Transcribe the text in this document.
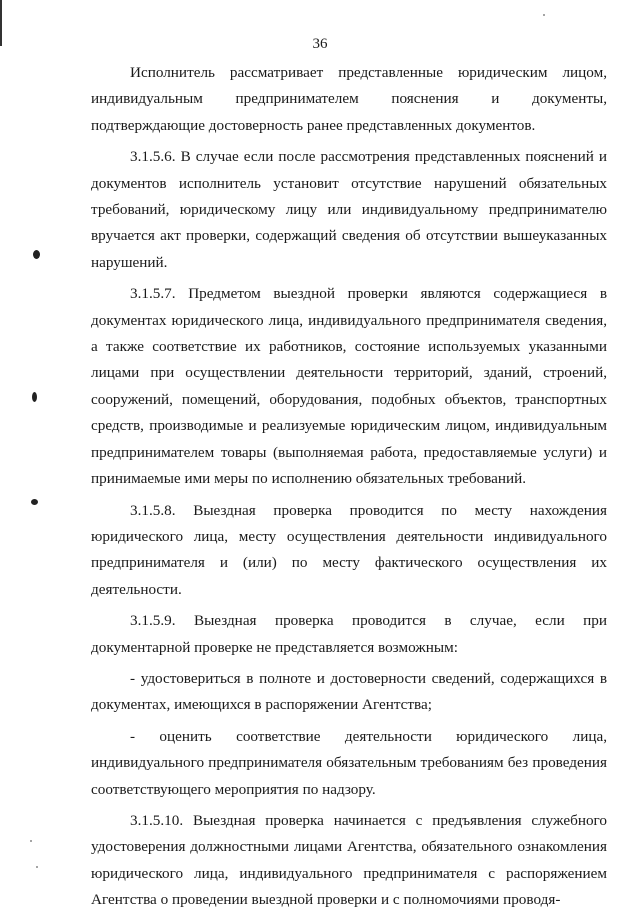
36

Исполнитель рассматривает представленные юридическим лицом, индивидуальным предпринимателем пояснения и документы, подтверждающие достоверность ранее представленных документов.

3.1.5.6. В случае если после рассмотрения представленных пояснений и документов исполнитель установит отсутствие нарушений обязательных требований, юридическому лицу или индивидуальному предпринимателю вручается акт проверки, содержащий сведения об отсутствии вышеуказанных нарушений.

3.1.5.7. Предметом выездной проверки являются содержащиеся в документах юридического лица, индивидуального предпринимателя сведения, а также соответствие их работников, состояние используемых указанными лицами при осуществлении деятельности территорий, зданий, строений, сооружений, помещений, оборудования, подобных объектов, транспортных средств, производимые и реализуемые юридическим лицом, индивидуальным предпринимателем товары (выполняемая работа, предоставляемые услуги) и принимаемые ими меры по исполнению обязательных требований.

3.1.5.8. Выездная проверка проводится по месту нахождения юридического лица, месту осуществления деятельности индивидуального предпринимателя и (или) по месту фактического осуществления их деятельности.

3.1.5.9. Выездная проверка проводится в случае, если при документарной проверке не представляется возможным:

- удостовериться в полноте и достоверности сведений, содержащихся в документах, имеющихся в распоряжении Агентства;

- оценить соответствие деятельности юридического лица, индивидуального предпринимателя обязательным требованиям без проведения соответствующего мероприятия по надзору.

3.1.5.10. Выездная проверка начинается с предъявления служебного удостоверения должностными лицами Агентства, обязательного ознакомления юридического лица, индивидуального предпринимателя с распоряжением Агентства о проведении выездной проверки и с полномочиями проводя-
